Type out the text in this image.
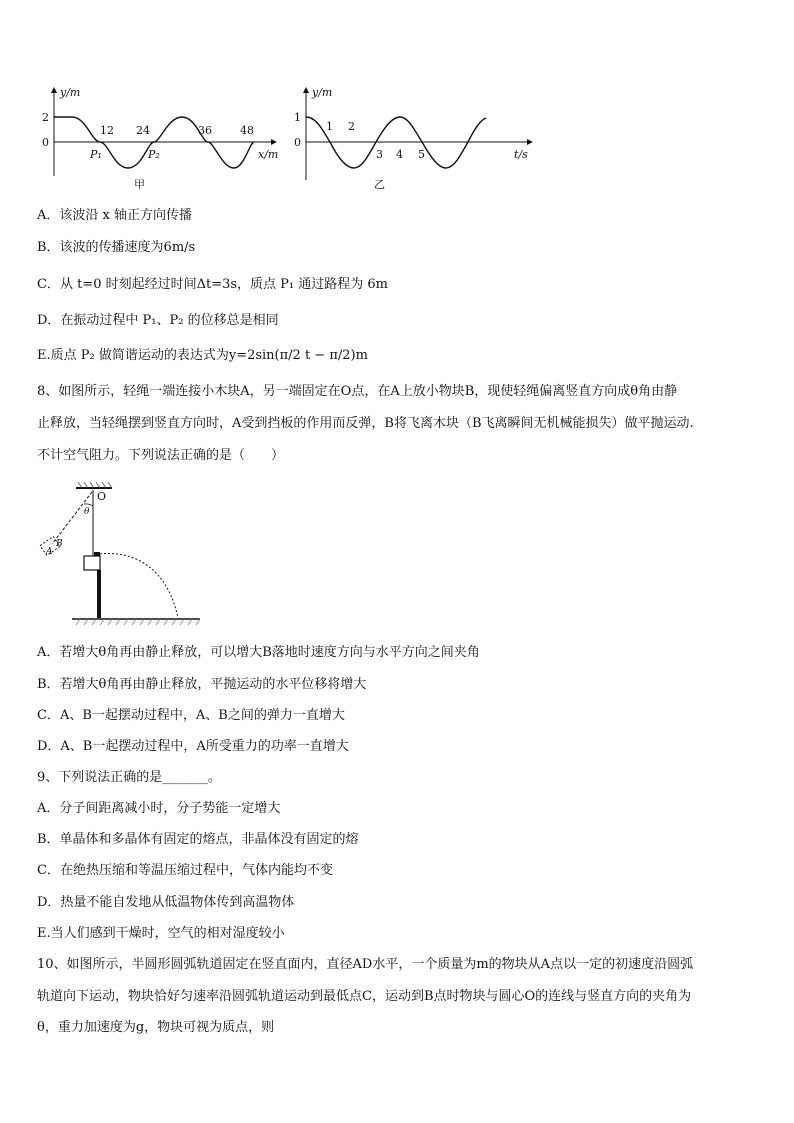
y/m
x/m
2
0
12 24	36	48
P₁	P₂
甲
y/m
t/s
1
0
1 2
3 4 5
乙
A．该波沿 x 轴正方向传播
B．该波的传播速度为6m/s
C．从 t=0 时刻起经过时间Δt=3s，质点 P₁ 通过路程为 6m
D．在振动过程中 P₁、P₂ 的位移总是相同
E.质点 P₂ 做简谐运动的表达式为y=2sin(π/2 t − π/2)m
8、如图所示，轻绳一端连接小木块A，另一端固定在O点，在A上放小物块B，现使轻绳偏离竖直方向成θ角由静
止释放，当轻绳摆到竖直方向时，A受到挡板的作用而反弹，B将飞离木块（B飞离瞬间无机械能损失）做平抛运动.
不计空气阻力。下列说法正确的是（　　）
O
θ
A
B
A．若增大θ角再由静止释放，可以增大B落地时速度方向与水平方向之间夹角
B．若增大θ角再由静止释放，平抛运动的水平位移将增大
C．A、B一起摆动过程中，A、B之间的弹力一直增大
D．A、B一起摆动过程中，A所受重力的功率一直增大
9、下列说法正确的是_______。
A．分子间距离减小时，分子势能一定增大
B．单晶体和多晶体有固定的熔点，非晶体没有固定的熔
C．在绝热压缩和等温压缩过程中，气体内能均不变
D．热量不能自发地从低温物体传到高温物体
E.当人们感到干燥时，空气的相对湿度较小
10、如图所示，半圆形圆弧轨道固定在竖直面内，直径AD水平，一个质量为m的物块从A点以一定的初速度沿圆弧
轨道向下运动，物块恰好匀速率沿圆弧轨道运动到最低点C，运动到B点时物块与圆心O的连线与竖直方向的夹角为
θ，重力加速度为g，物块可视为质点，则
